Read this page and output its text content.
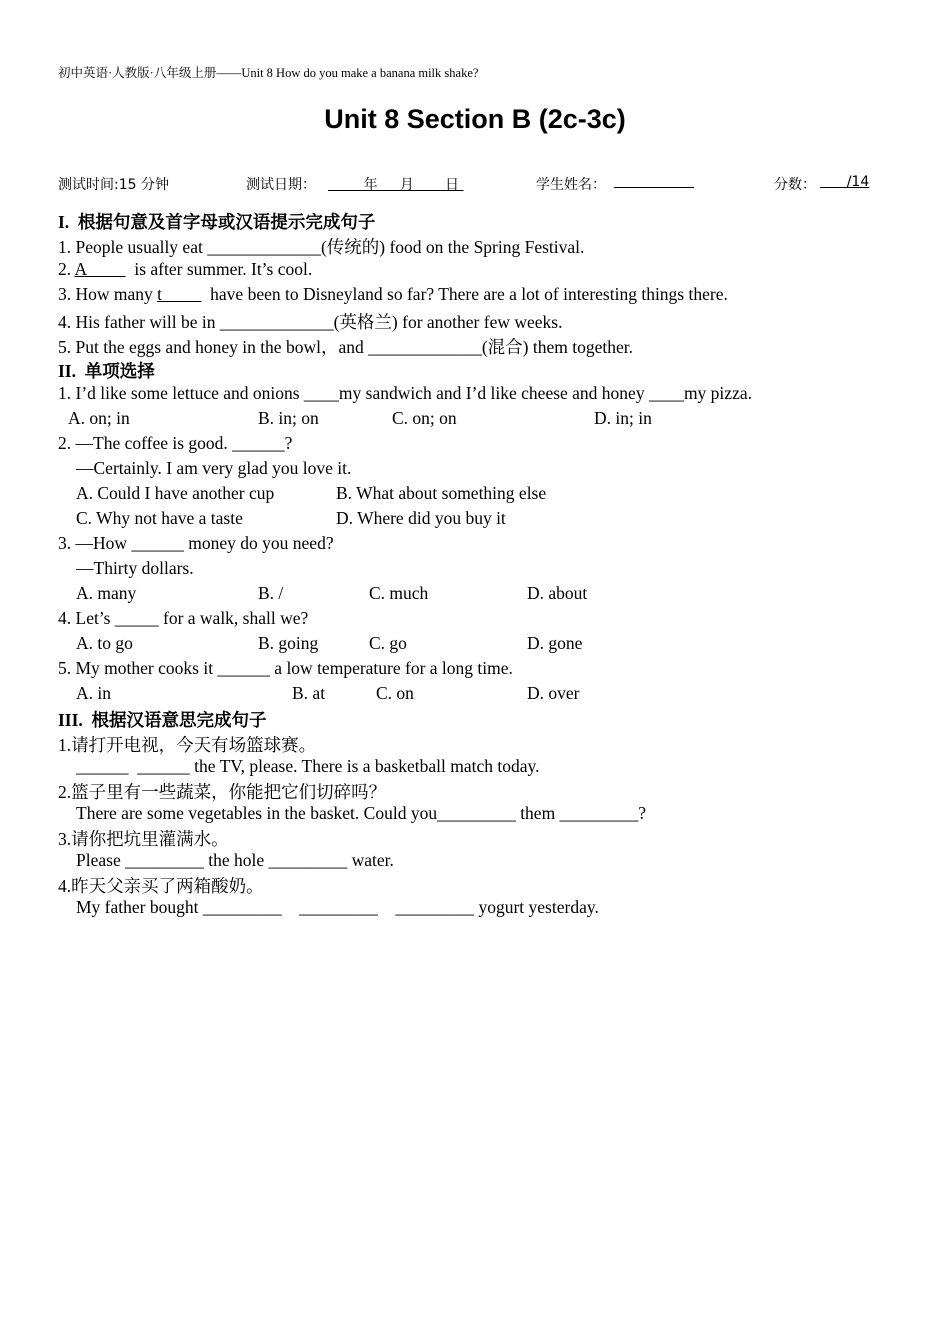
初中英语·人教版·八年级上册——Unit 8 How do you make a banana milk shake?
Unit 8 Section B (2c-3c)
测试时间:15 分钟	测试日期： 年     月       日	学生姓名：
	分数： /14
I.  根据句意及首字母或汉语提示完成句子
1. People usually eat _____________(传统的) food on the Spring Festival.
2. A           is after summer. It’s cool.
3. How many t           have been to Disneyland so far? There are a lot of interesting things there.
4. His father will be in _____________(英格兰) for another few weeks.
5. Put the eggs and honey in the bowl，and _____________(混合) them together.
II.  单项选择
1. I’d like some lettuce and onions ____my sandwich and I’d like cheese and honey ____my pizza.
A. on; in	B. in; on	C. on; on	D. in; in
2. —The coffee is good. ______?
—Certainly. I am very glad you love it.
A. Could I have another cup	B. What about something else
C. Why not have a taste	D. Where did you buy it
3. —How ______ money do you need?
—Thirty dollars.
A. many	B. /	C. much	D. about
4. Let’s _____ for a walk, shall we?
A. to go	B. going	C. go	D. gone
5. My mother cooks it ______ a low temperature for a long time.
A. in	B. at	C. on	D. over
III.  根据汉语意思完成句子
1.请打开电视，今天有场篮球赛。
______  ______ the TV, please. There is a basketball match today.
2.篮子里有一些蔬菜，你能把它们切碎吗？
There are some vegetables in the basket. Could you_________ them _________?
3.请你把坑里灌满水。
Please _________ the hole _________ water.
4.昨天父亲买了两箱酸奶。
My father bought _________    _________    _________ yogurt yesterday.
